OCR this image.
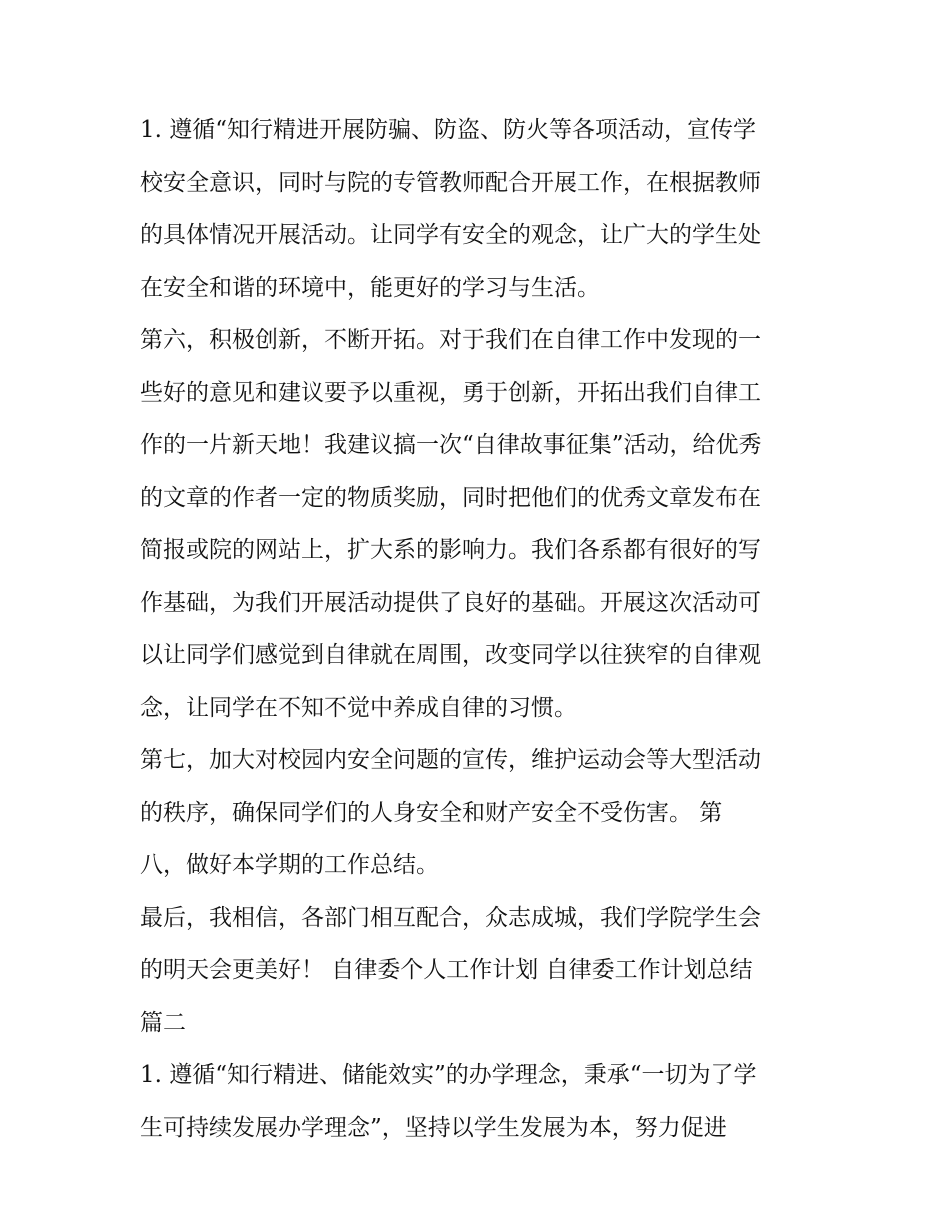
1. 遵循“知行精进开展防骗、防盗、防火等各项活动，宣传学
校安全意识，同时与院的专管教师配合开展工作，在根据教师
的具体情况开展活动。让同学有安全的观念，让广大的学生处
在安全和谐的环境中，能更好的学习与生活。
第六，积极创新，不断开拓。对于我们在自律工作中发现的一
些好的意见和建议要予以重视，勇于创新，开拓出我们自律工
作的一片新天地！我建议搞一次“自律故事征集”活动，给优秀
的文章的作者一定的物质奖励，同时把他们的优秀文章发布在
简报或院的网站上，扩大系的影响力。我们各系都有很好的写
作基础，为我们开展活动提供了良好的基础。开展这次活动可
以让同学们感觉到自律就在周围，改变同学以往狭窄的自律观
念，让同学在不知不觉中养成自律的习惯。
第七，加大对校园内安全问题的宣传，维护运动会等大型活动
的秩序，确保同学们的人身安全和财产安全不受伤害。 第
八，做好本学期的工作总结。
最后，我相信，各部门相互配合，众志成城，我们学院学生会
的明天会更美好！ 自律委个人工作计划 自律委工作计划总结
篇二
1. 遵循“知行精进、储能效实”的办学理念，秉承“一切为了学
生可持续发展办学理念”，坚持以学生发展为本，努力促进
